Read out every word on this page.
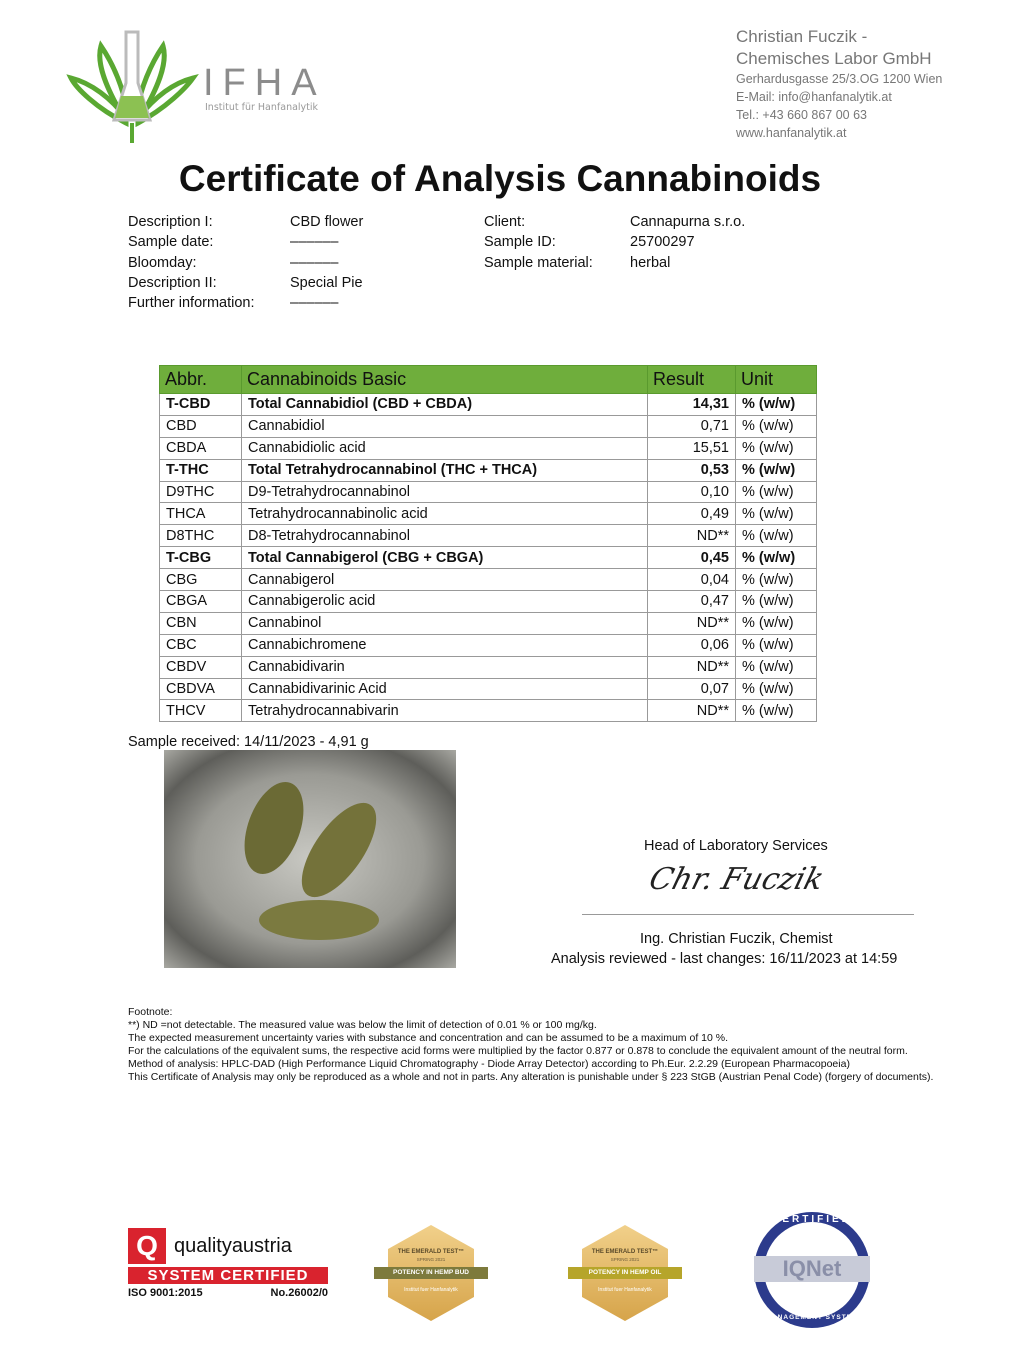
IFHA
Institut für Hanfanalytik
Christian Fuczik -
Chemisches Labor GmbH
Gerhardusgasse 25/3.OG 1200 Wien
E-Mail: info@hanfanalytik.at
Tel.: +43 660 867 00 63
www.hanfanalytik.at
Certificate of Analysis Cannabinoids
Description I:	CBD flower
Sample date:	––––––
Bloomday:	––––––
Description II:	Special Pie
Further information:	––––––
Client:	Cannapurna s.r.o.
Sample ID:	25700297
Sample material:	herbal
Abbr.	Cannabinoids Basic	Result	Unit
T-CBD	Total Cannabidiol (CBD + CBDA)	14,31	% (w/w)
CBD	Cannabidiol	0,71	% (w/w)
CBDA	Cannabidiolic acid	15,51	% (w/w)
T-THC	Total Tetrahydrocannabinol (THC + THCA)	0,53	% (w/w)
D9THC	D9-Tetrahydrocannabinol	0,10	% (w/w)
THCA	Tetrahydrocannabinolic acid	0,49	% (w/w)
D8THC	D8-Tetrahydrocannabinol	ND**	% (w/w)
T-CBG	Total Cannabigerol (CBG + CBGA)	0,45	% (w/w)
CBG	Cannabigerol	0,04	% (w/w)
CBGA	Cannabigerolic acid	0,47	% (w/w)
CBN	Cannabinol	ND**	% (w/w)
CBC	Cannabichromene	0,06	% (w/w)
CBDV	Cannabidivarin	ND**	% (w/w)
CBDVA	Cannabidivarinic Acid	0,07	% (w/w)
THCV	Tetrahydrocannabivarin	ND**	% (w/w)
Sample received: 14/11/2023 - 4,91 g
Head of Laboratory Services
Chr. Fuczik
Ing. Christian Fuczik, Chemist
Analysis reviewed - last changes: 16/11/2023 at 14:59
Footnote:
**) ND =not detectable. The measured value was below the limit of detection of 0.01 % or 100 mg/kg.
The expected measurement uncertainty varies with substance and concentration and can be assumed to be a maximum of 10 %.
For the calculations of the equivalent sums, the respective acid forms were multiplied by the factor 0.877 or 0.878 to conclude the equivalent amount of the neutral form.
Method of analysis: HPLC-DAD (High Performance Liquid Chromatography - Diode Array Detector) according to Ph.Eur. 2.2.29 (European Pharmacopoeia)
This Certificate of Analysis may only be reproduced as a whole and not in parts. Any alteration is punishable under § 223 StGB (Austrian Penal Code) (forgery of documents).
Q qualityaustria
SYSTEM CERTIFIED
ISO 9001:2015	No.26002/0
THE EMERALD TEST™
SPRING 2021
POTENCY IN HEMP BUD
Institut fuer Hanfanalytik
THE EMERALD TEST™
SPRING 2021
POTENCY IN HEMP OIL
Institut fuer Hanfanalytik
CERTIFIED
IQNet
MANAGEMENT SYSTEM
